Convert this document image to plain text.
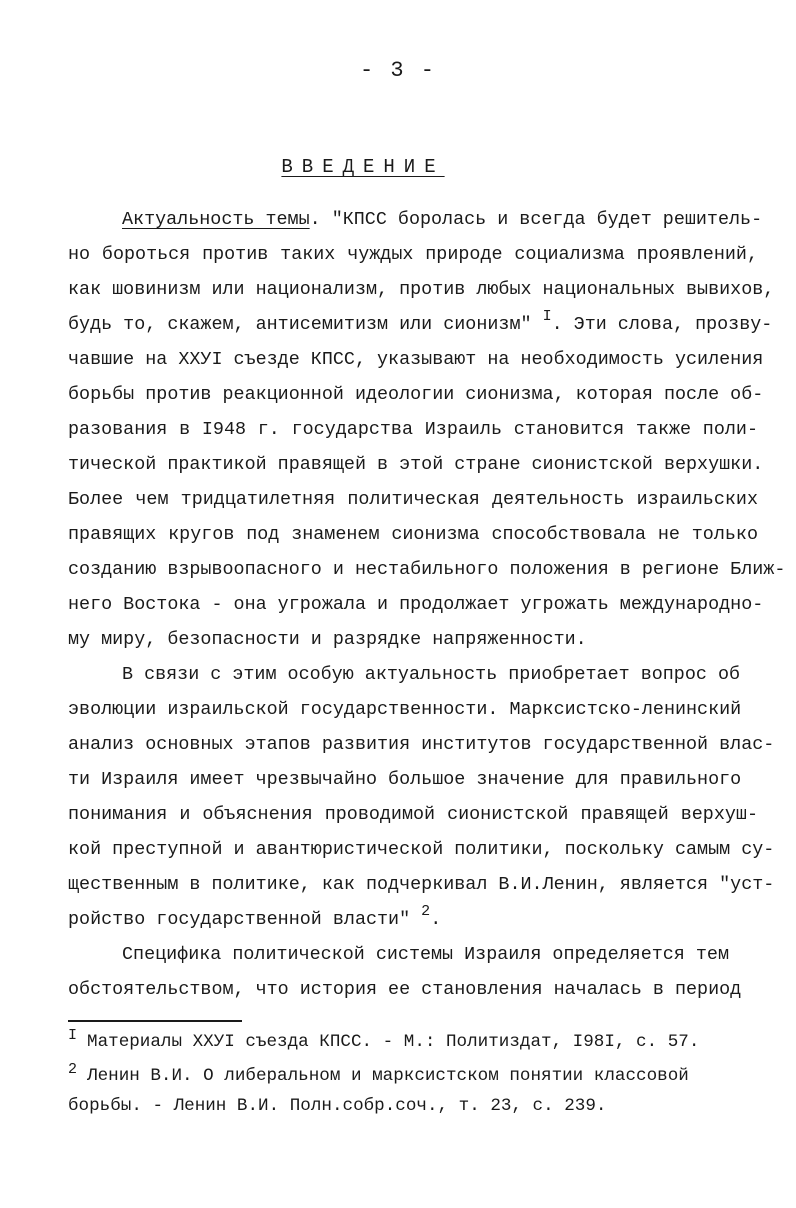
- 3 -
ВВЕДЕНИЕ
Актуальность темы. "КПСС боролась и всегда будет решитель-
но бороться против таких чуждых природе социализма проявлений,
как шовинизм или национализм, против любых национальных вывихов,
будь то, скажем, антисемитизм или сионизм" $^I$. Эти слова, прозву-
чавшие на ХХУI съезде КПСС, указывают на необходимость усиления
борьбы против реакционной идеологии сионизма, которая после об-
разования в I948 г. государства Израиль становится также поли-
тической практикой правящей в этой стране сионистской верхушки.
Более чем тридцатилетняя политическая деятельность израильских
правящих кругов под знаменем сионизма способствовала не только
созданию взрывоопасного и нестабильного положения в регионе Ближ-
него Востока - она угрожала и продолжает угрожать международно-
му миру, безопасности и разрядке напряженности.
В связи с этим особую актуальность приобретает вопрос об
эволюции израильской государственности. Марксистско-ленинский
анализ основных этапов развития институтов государственной влас-
ти Израиля имеет чрезвычайно большое значение для правильного
понимания и объяснения проводимой сионистской правящей верхуш-
кой преступной и авантюристической политики, поскольку самым су-
щественным в политике, как подчеркивал В.И.Ленин, является "уст-
ройство государственной власти" $^2$.
Специфика политической системы Израиля определяется тем
обстоятельством, что история ее становления началась в период
I Материалы ХХУI съезда КПСС. - М.: Политиздат, I98I, с. 57.
2 Ленин В.И. О либеральном и марксистском понятии классовой
борьбы. - Ленин В.И. Полн.собр.соч., т. 23, с. 239.
